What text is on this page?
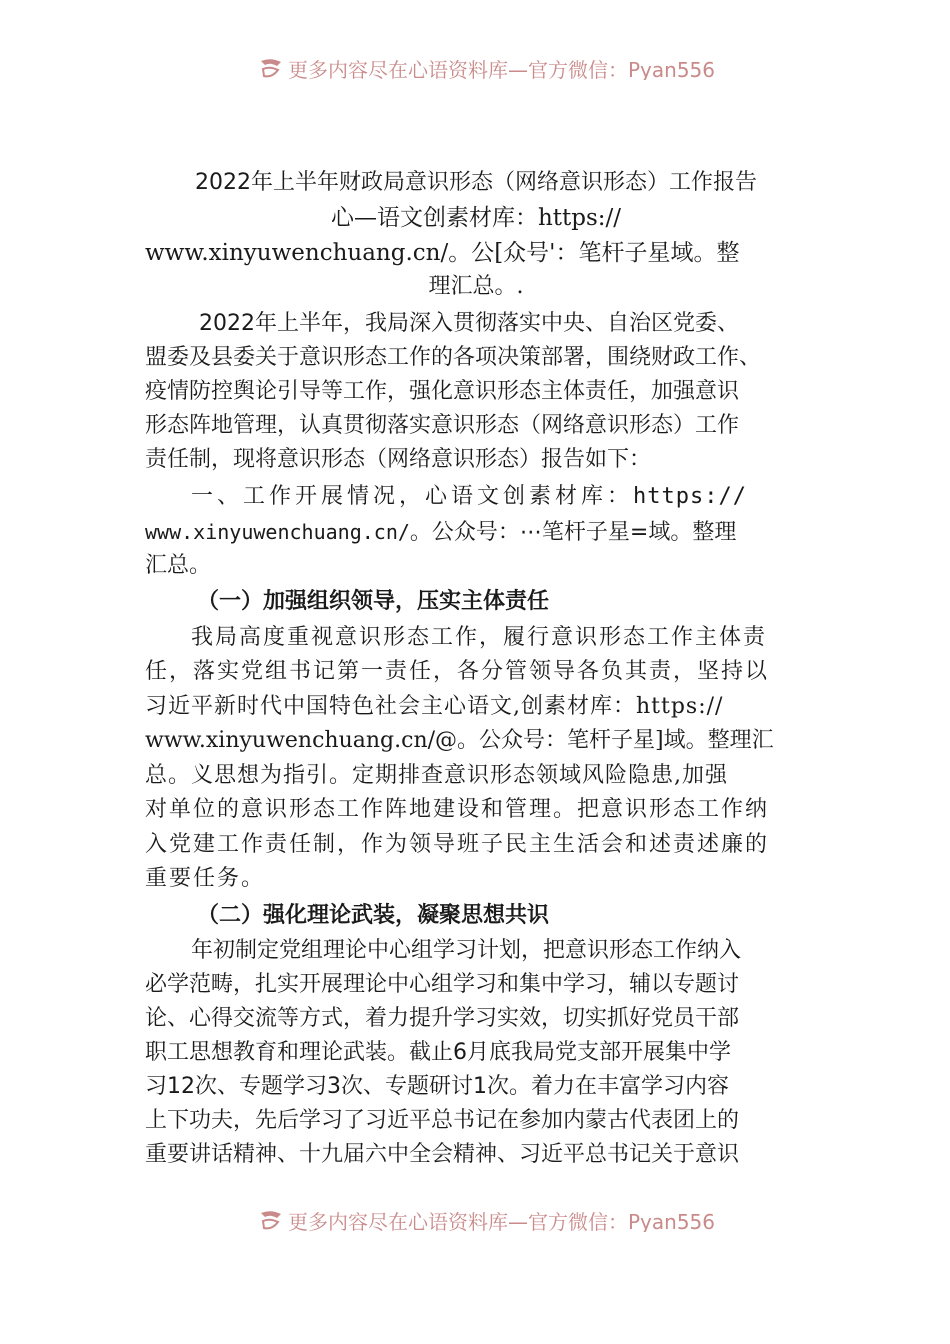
更多内容尽在心语资料库—官方微信：Pyan556
2022年上半年财政局意识形态（网络意识形态）工作报告
心—语文创素材库：https://
www.xinyuwenchuang.cn/。公[众号'：笔杆子星域。整
理汇总。.
2022年上半年，我局深入贯彻落实中央、自治区党委、
盟委及县委关于意识形态工作的各项决策部署，围绕财政工作、
疫情防控舆论引导等工作，强化意识形态主体责任，加强意识
形态阵地管理，认真贯彻落实意识形态（网络意识形态）工作
责任制，现将意识形态（网络意识形态）报告如下：
一、工作开展情况，心语文创素材库：https://
www.xinyuwenchuang.cn/。公众号：⋯笔杆子星=域。整理
汇总。
（一）加强组织领导，压实主体责任
我局高度重视意识形态工作，履行意识形态工作主体责
任，落实党组书记第一责任，各分管领导各负其责，坚持以
习近平新时代中国特色社会主心语文,创素材库：https://
www.xinyuwenchuang.cn/@。公众号：笔杆子星]域。整理汇
总。义思想为指引。定期排查意识形态领域风险隐患,加强
对单位的意识形态工作阵地建设和管理。把意识形态工作纳
入党建工作责任制，作为领导班子民主生活会和述责述廉的
重要任务。
（二）强化理论武装，凝聚思想共识
年初制定党组理论中心组学习计划，把意识形态工作纳入
必学范畴，扎实开展理论中心组学习和集中学习，辅以专题讨
论、心得交流等方式，着力提升学习实效，切实抓好党员干部
职工思想教育和理论武装。截止6月底我局党支部开展集中学
习12次、专题学习3次、专题研讨1次。着力在丰富学习内容
上下功夫，先后学习了习近平总书记在参加内蒙古代表团上的
重要讲话精神、十九届六中全会精神、习近平总书记关于意识
更多内容尽在心语资料库—官方微信：Pyan556
